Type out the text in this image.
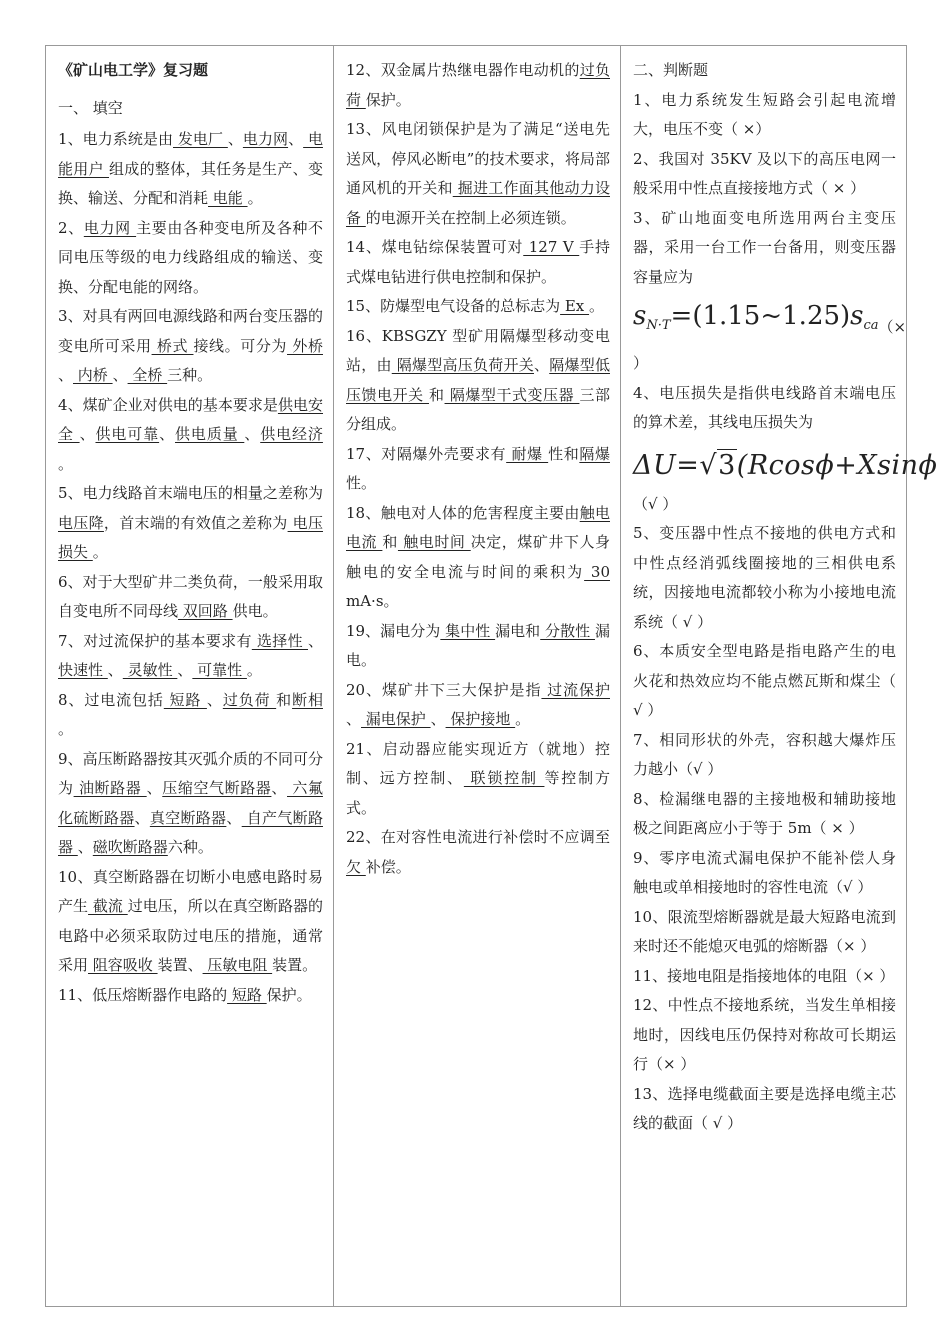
《矿山电工学》复习题

一、 填空

1、电力系统是由 发电厂 、电力网、 电能用户 组成的整体，其任务是生产、变换、输送、分配和消耗 电能 。

2、电力网 主要由各种变电所及各种不同电压等级的电力线路组成的输送、变换、分配电能的网络。

3、对具有两回电源线路和两台变压器的变电所可采用 桥式 接线。可分为 外桥 、 内桥 、 全桥 三种。

4、煤矿企业对供电的基本要求是供电安全 、供电可靠、供电质量 、供电经济 。

5、电力线路首末端电压的相量之差称为 电压降，首末端的有效值之差称为 电压损失 。

6、对于大型矿井二类负荷，一般采用取自变电所不同母线 双回路 供电。

7、对过流保护的基本要求有 选择性 、 快速性 、 灵敏性 、 可靠性 。

8、过电流包括 短路 、过负荷 和断相 。

9、高压断路器按其灭弧介质的不同可分为 油断路器 、压缩空气断路器、 六氟化硫断路器、真空断路器、 自产气断路器 、磁吹断路器六种。

10、真空断路器在切断小电感电路时易产生 截流 过电压，所以在真空断路器的电路中必须采取防过电压的措施，通常采用 阻容吸收 装置、 压敏电阻 装置。

11、低压熔断器作电路的 短路 保护。

12、双金属片热继电器作电动机的过负荷 保护。

13、风电闭锁保护是为了满足“送电先送风，停风必断电”的技术要求，将局部通风机的开关和 掘进工作面其他动力设备 的电源开关在控制上必须连锁。

14、煤电钻综保装置可对 127 V 手持式煤电钻进行供电控制和保护。

15、防爆型电气设备的总标志为 Ex 。

16、KBSGZY 型矿用隔爆型移动变电站，由 隔爆型高压负荷开关、隔爆型低压馈电开关 和 隔爆型干式变压器 三部分组成。

17、对隔爆外壳要求有 耐爆 性和隔爆 性。

18、触电对人体的危害程度主要由触电电流 和 触电时间 决定，煤矿井下人身触电的安全电流与时间的乘积为 30 mA·s。

19、漏电分为 集中性 漏电和 分散性 漏电。

20、煤矿井下三大保护是指 过流保护 、 漏电保护 、 保护接地 。

21、启动器应能实现近方（就地）控制、远方控制、 联锁控制 等控制方式。

22、在对容性电流进行补偿时不应调至 欠 补偿。

二、判断题

1、电力系统发生短路会引起电流增大，电压不变（ ×）

2、我国对 35KV 及以下的高压电网一般采用中性点直接接地方式（ × ）

3、矿山地面变电所选用两台主变压器，采用一台工作一台备用，则变压器容量应为

$s_{N\cdot T}=(1.15\sim 1.25)s_{ca(\times}$

）

4、电压损失是指供电线路首末端电压的算术差，其线电压损失为

ΔU=√3(Rcosϕ+Xsinϕ

（√ ）

5、变压器中性点不接地的供电方式和中性点经消弧线圈接地的三相供电系统，因接地电流都较小称为小接地电流系统（ √ ）

6、本质安全型电路是指电路产生的电火花和热效应均不能点燃瓦斯和煤尘（ √ ）

7、相同形状的外壳，容积越大爆炸压力越小（√ ）

8、检漏继电器的主接地极和辅助接地极之间距离应小于等于 5m（ × ）

9、零序电流式漏电保护不能补偿人身触电或单相接地时的容性电流（√ ）

10、限流型熔断器就是最大短路电流到来时还不能熄灭电弧的熔断器（× ）

11、接地电阻是指接地体的电阻（× ）

12、中性点不接地系统，当发生单相接地时，因线电压仍保持对称故可长期运行（× ）

13、选择电缆截面主要是选择电缆主芯线的截面（ √ ）
